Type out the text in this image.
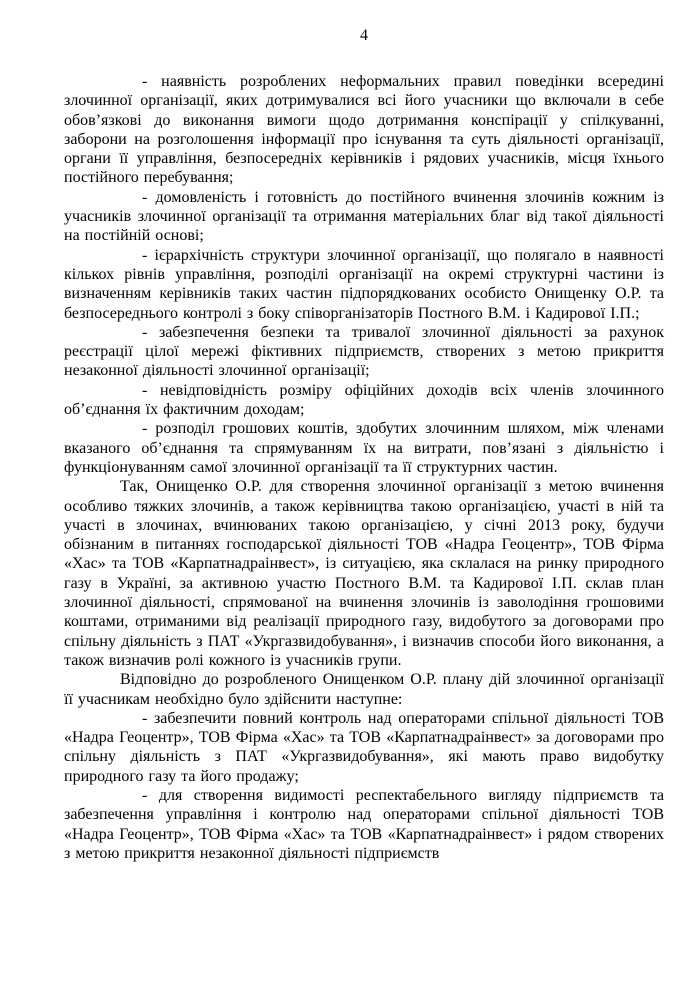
4

- наявність розроблених неформальних правил поведінки всередині злочинної організації, яких дотримувалися всі його учасники що включали в себе обов’язкові до виконання вимоги щодо дотримання конспірації у спілкуванні, заборони на розголошення інформації про існування та суть діяльності організації, органи її управління, безпосередніх керівників і рядових учасників, місця їхнього постійного перебування;

- домовленість і готовність до постійного вчинення злочинів кожним із учасників злочинної організації та отримання матеріальних благ від такої діяльності на постійній основі;

- ієрархічність структури злочинної організації, що полягало в наявності кількох рівнів управління, розподілі організації на окремі структурні частини із визначенням керівників таких частин підпорядкованих особисто Онищенку О.Р. та безпосереднього контролі з боку співорганізаторів Постного В.М. і Кадирової І.П.;

- забезпечення безпеки та тривалої злочинної діяльності за рахунок реєстрації цілої мережі фіктивних підприємств, створених з метою прикриття незаконної діяльності злочинної організації;

- невідповідність розміру офіційних доходів всіх членів злочинного об’єднання їх фактичним доходам;

- розподіл грошових коштів, здобутих злочинним шляхом, між членами вказаного об’єднання та спрямуванням їх на витрати, пов’язані з діяльністю і функціонуванням самої злочинної організації та її структурних частин.

Так, Онищенко О.Р. для створення злочинної організації з метою вчинення особливо тяжких злочинів, а також керівництва такою організацією, участі в ній та участі в злочинах, вчинюваних такою організацією, у січні 2013 року, будучи обізнаним в питаннях господарської діяльності ТОВ «Надра Геоцентр», ТОВ Фірма «Хас» та ТОВ «Карпатнадраінвест», із ситуацією, яка склалася на ринку природного газу в Україні, за активною участю Постного В.М. та Кадирової І.П. склав план злочинної діяльності, спрямованої на вчинення злочинів із заволодіння грошовими коштами, отриманими від реалізації природного газу, видобутого за договорами про спільну діяльність з ПАТ «Укргазвидобування», і визначив способи його виконання, а також визначив ролі кожного із учасників групи.

Відповідно до розробленого Онищенком О.Р. плану дій злочинної організації її учасникам необхідно було здійснити наступне:

- забезпечити повний контроль над операторами спільної діяльності ТОВ «Надра Геоцентр», ТОВ Фірма «Хас» та ТОВ «Карпатнадраінвест» за договорами про спільну діяльність з ПАТ «Укргазвидобування», які мають право видобутку природного газу та його продажу;

- для створення видимості респектабельного вигляду підприємств та забезпечення управління і контролю над операторами спільної діяльності ТОВ «Надра Геоцентр», ТОВ Фірма «Хас» та ТОВ «Карпатнадраінвест» і рядом створених з метою прикриття незаконної діяльності підприємств
